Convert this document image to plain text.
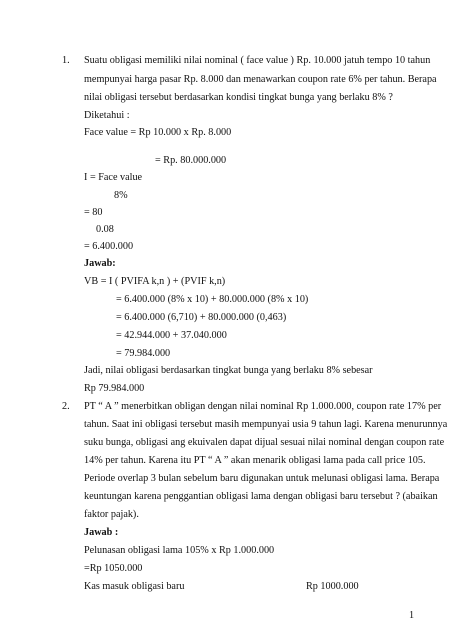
1. Suatu obligasi memiliki nilai nominal ( face value ) Rp. 10.000 jatuh tempo 10 tahun
mempunyai harga pasar Rp. 8.000 dan menawarkan coupon rate 6% per tahun. Berapa
nilai obligasi tersebut berdasarkan kondisi tingkat bunga yang berlaku 8% ?
Diketahui :
Face value = Rp 10.000 x Rp. 8.000
= Rp. 80.000.000
I = Face value
8%
= 80
0.08
= 6.400.000
Jawab:
VB = I ( PVIFA k,n ) + (PVIF k,n)
= 6.400.000 (8% x 10) + 80.000.000 (8% x 10)
= 6.400.000 (6,710) + 80.000.000 (0,463)
= 42.944.000 + 37.040.000
= 79.984.000
Jadi, nilai obligasi berdasarkan tingkat bunga yang berlaku 8% sebesar
Rp 79.984.000
2. PT “ A ” menerbitkan obligan dengan nilai nominal Rp 1.000.000, coupon rate 17% per
tahun. Saat ini obligasi tersebut masih mempunyai usia 9 tahun lagi. Karena menurunnya
suku bunga, obligasi ang ekuivalen dapat dijual sesuai nilai nominal dengan coupon rate
14% per tahun. Karena itu PT “ A ” akan menarik obligasi lama pada call price 105.
Periode overlap 3 bulan sebelum baru digunakan untuk melunasi obligasi lama. Berapa
keuntungan karena penggantian obligasi lama dengan obligasi baru tersebut ? (abaikan
faktor pajak).
Jawab :
Pelunasan obligasi lama 105% x Rp 1.000.000
=Rp 1050.000
Kas masuk obligasi baru	Rp 1000.000
1
